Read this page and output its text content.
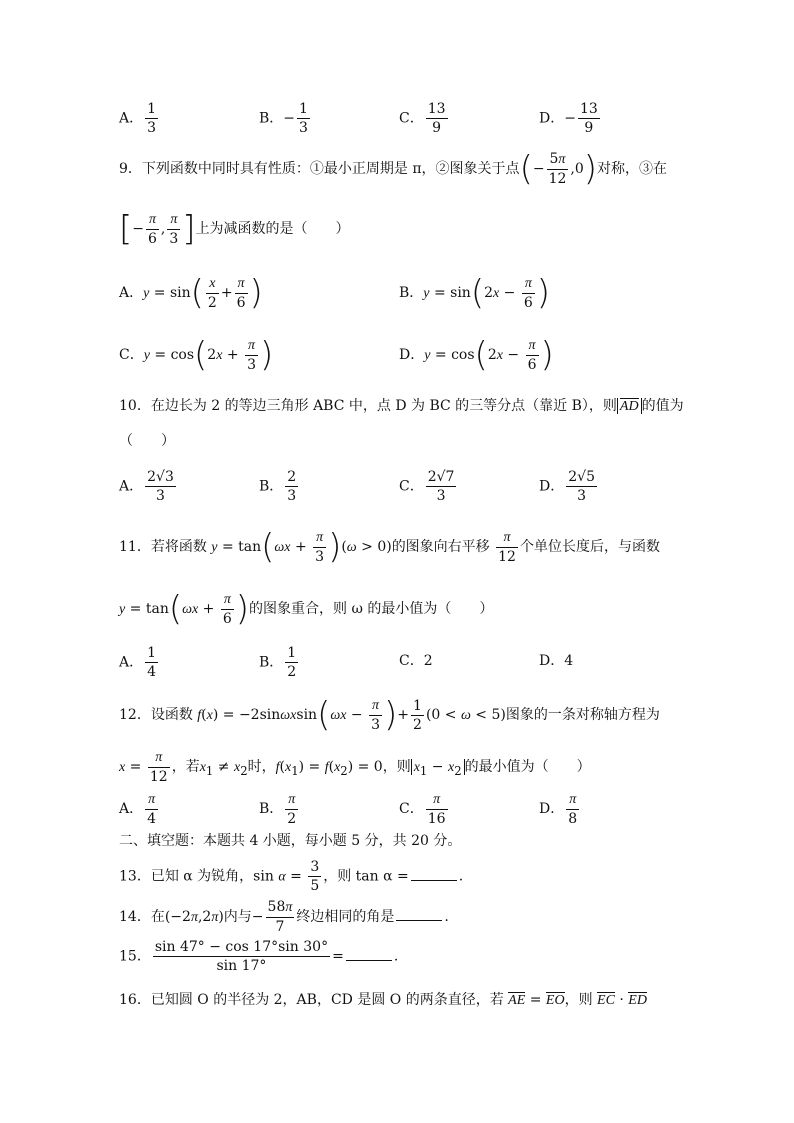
A． $\frac{1}{3}$	B．− $\frac{1}{3}$	C． $\frac{13}{9}$	D．− $\frac{13}{9}$
9．下列函数中同时具有性质：①最小正周期是 π，②图象关于点(− $\frac{5\pi}{12} ,0$)对称，③在
[− $\frac{\pi}{6}$ , $\frac{\pi}{3}$ ]上为减函数的是（　　）
A．$y = \sin( \frac{x}{2} + \frac{\pi}{6}$ )	B．$y = \sin(2x - \frac{\pi}{6}$ )
C．$y = \cos(2x + \frac{\pi}{3}$ )	D．$y = \cos(2x - \frac{\pi}{6}$ )
10．在边长为 2 的等边三角形 ABC 中，点 D 为 BC 的三等分点（靠近 B），则 AD 的值为
（　　）
A． $\frac{2√3}{3}$	B． $\frac{2}{3}$	C． $\frac{2√7}{3}$	D． $\frac{2√5}{3}$
11．若将函数 $y = \tan(\omega x + \frac{\pi}{3} )(\omega > 0)$的图象向右平移 $\frac{\pi}{12}$ 个单位长度后，与函数
$y = \tan(\omega x + \frac{\pi}{6}$ )的图象重合，则 ω 的最小值为（　　）
A． $\frac{1}{4}$	B． $\frac{1}{2}$	C．2	D．4
12．设函数 $f(x) = -2\sin\omega xsin(\omega x - \frac{\pi}{3}$ )+ $\frac{1}{2} (0 < \omega < 5)$图象的一条对称轴方程为
$x = \frac{\pi}{12}$ ，若$x_1 \ne x_2$时，$f(x_1) = f(x_2) = 0$，则 $x_1 - x_2$ 的最小值为（　　）
A． $\frac{\pi}{4}$	B． $\frac{\pi}{2}$	C． $\frac{\pi}{16}$	D． $\frac{\pi}{8}$
二、填空题：本题共 4 小题，每小题 5 分，共 20 分。
13．已知 α 为锐角，$\sin \alpha = \frac{3}{5}$ ，则 tan α =	.
14．在(−2π,2π)内与− $\frac{58\pi}{7}$ 终边相同的角是	.
15． $\frac{\sin 47^\circ - \cos 17^\circ\sin 30^\circ}{\sin 17^\circ}$ =	.
16．已知圆 O 的半径为 2，AB，CD 是圆 O 的两条直径，若 AE = EO，则 EC · ED
